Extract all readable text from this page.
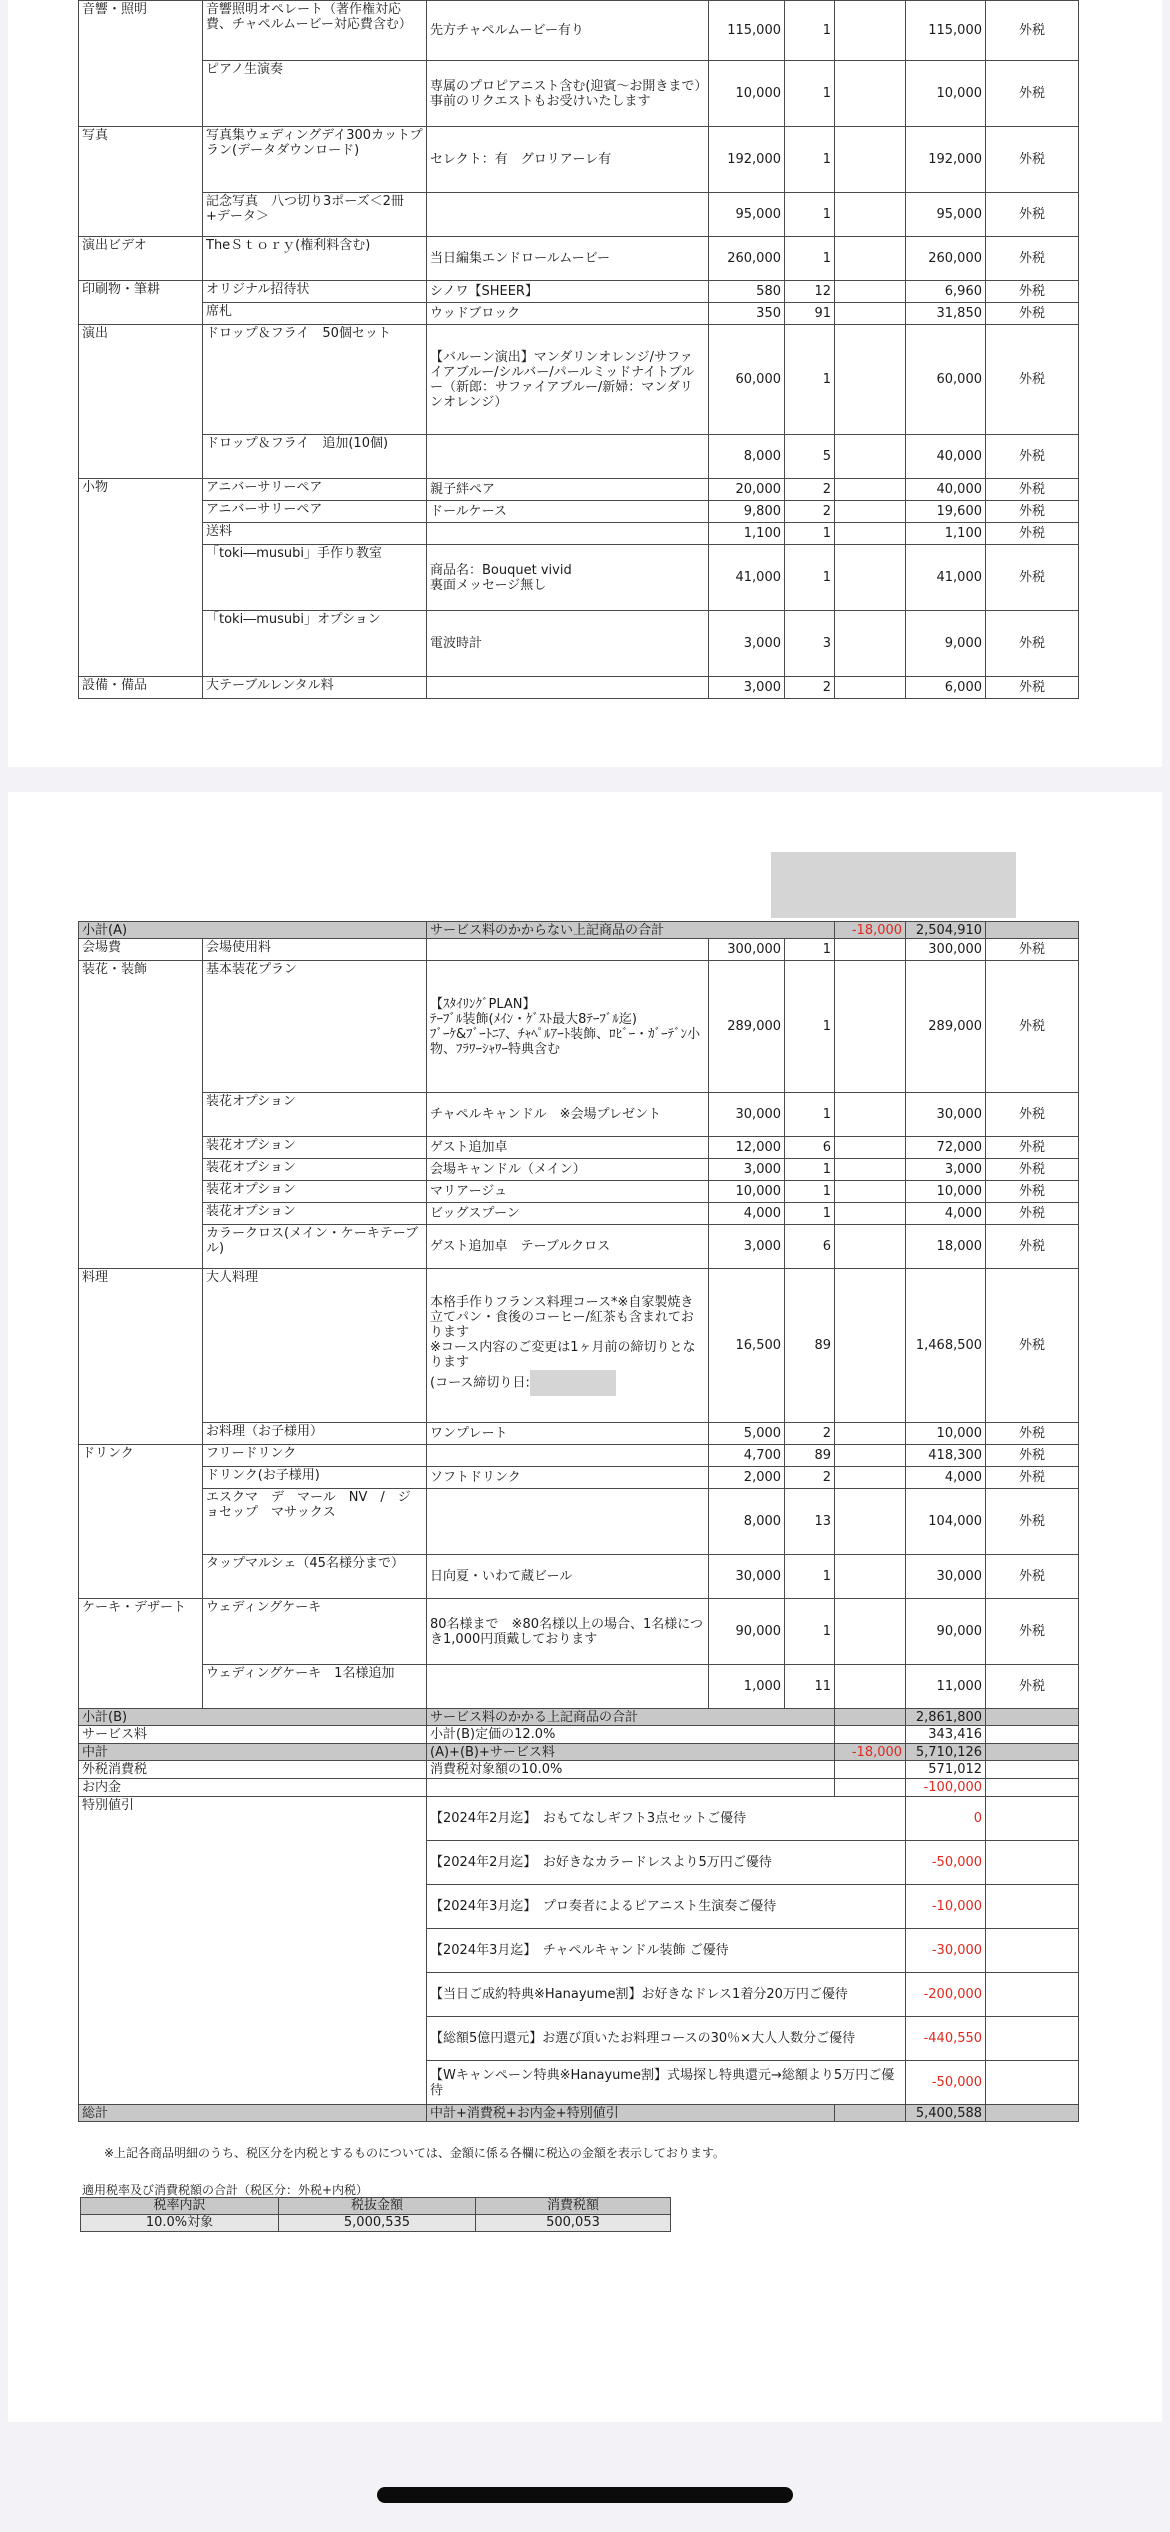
音響・照明	音響照明オペレート（著作権対応費、チャペルムービー対応費含む）	先方チャペルムービー有り	115,000	1		115,000	外税
	ピアノ生演奏	専属のプロピアニスト含む(迎賓～お開きまで）　事前のリクエストもお受けいたします	10,000	1		10,000	外税
写真	写真集ウェディングデイ300カットプラン(データダウンロード)	セレクト：有　グロリアーレ有	192,000	1		192,000	外税
	記念写真　八つ切り3ポーズ＜2冊+データ＞		95,000	1		95,000	外税
演出ビデオ	TheＳｔｏｒｙ(権利料含む)	当日編集エンドロールムービー	260,000	1		260,000	外税
印刷物・筆耕	オリジナル招待状	シノワ【SHEER】	580	12		6,960	外税
	席札	ウッドブロック	350	91		31,850	外税
演出	ドロップ＆フライ　50個セット	【バルーン演出】マンダリンオレンジ/サファイアブルー/シルバー/パールミッドナイトブルー（新郎：サファイアブルー/新婦：マンダリンオレンジ）	60,000	1		60,000	外税
	ドロップ＆フライ　追加(10個)		8,000	5		40,000	外税
小物	アニバーサリーペア	親子絆ペア	20,000	2		40,000	外税
	アニバーサリーペア	ドールケース	9,800	2		19,600	外税
	送料		1,100	1		1,100	外税
	「toki―musubi」手作り教室	商品名：Bouquet vivid
裏面メッセージ無し	41,000	1		41,000	外税
	「toki―musubi」オプション	電波時計	3,000	3		9,000	外税
設備・備品	大テーブルレンタル料		3,000	2		6,000	外税
小計(A)		サービス料のかからない上記商品の合計			-18,000	2,504,910	
会場費	会場使用料		300,000	1		300,000	外税
装花・装飾	基本装花プラン	【ｽﾀｲﾘﾝｸﾞPLAN】
ﾃｰﾌﾞﾙ装飾(ﾒｲﾝ・ｹﾞｽﾄ最大8ﾃｰﾌﾞﾙ迄)
ﾌﾞｰｹ&ﾌﾞｰﾄﾆｱ、ﾁｬﾍﾟﾙｱｰﾄ装飾、ﾛﾋﾞｰ・ｶﾞｰﾃﾞﾝ小物、ﾌﾗﾜｰｼｬﾜｰ特典含む	289,000	1		289,000	外税
	装花オプション	チャペルキャンドル　※会場プレゼント	30,000	1		30,000	外税
	装花オプション	ゲスト追加卓	12,000	6		72,000	外税
	装花オプション	会場キャンドル（メイン）	3,000	1		3,000	外税
	装花オプション	マリアージュ	10,000	1		10,000	外税
	装花オプション	ビッグスプーン	4,000	1		4,000	外税
	カラークロス(メイン・ケーキテーブル)	ゲスト追加卓　テーブルクロス	3,000	6		18,000	外税
料理	大人料理	本格手作りフランス料理コース*※自家製焼き立てパン・食後のコーヒー/紅茶も含まれております
※コース内容のご変更は1ヶ月前の締切りとなります
(コース締切り日:	16,500	89		1,468,500	外税
	お料理（お子様用）	ワンプレート	5,000	2		10,000	外税
ドリンク	フリードリンク		4,700	89		418,300	外税
	ドリンク(お子様用)	ソフトドリンク	2,000	2		4,000	外税
	エスクマ　デ　マール　NV　/　ジョセップ　マサックス		8,000	13		104,000	外税
	タップマルシェ（45名様分まで）	日向夏・いわて蔵ビール	30,000	1		30,000	外税
ケーキ・デザート	ウェディングケーキ	80名様まで　※80名様以上の場合、1名様につき1,000円頂戴しております	90,000	1		90,000	外税
	ウェディングケーキ　1名様追加		1,000	11		11,000	外税
小計(B)		サービス料のかかる上記商品の合計				2,861,800	
サービス料		小計(B)定価の12.0%				343,416	
中計		(A)+(B)+サービス料			-18,000	5,710,126	
外税消費税		消費税対象額の10.0%				571,012	
お内金						-100,000	
特別値引		【2024年2月迄】　おもてなしギフト3点セットご優待				0	
		【2024年2月迄】　お好きなカラードレスより5万円ご優待				-50,000	
		【2024年3月迄】　プロ奏者によるピアニスト生演奏ご優待				-10,000	
		【2024年3月迄】　チャペルキャンドル装飾 ご優待				-30,000	
		【当日ご成約特典※Hanayume割】お好きなドレス1着分20万円ご優待				-200,000	
		【総額5億円還元】お選び頂いたお料理コースの30％×大人人数分ご優待				-440,550	
		【Wキャンペーン特典※Hanayume割】式場探し特典還元→総額より5万円ご優待				-50,000	
総計		中計+消費税+お内金+特別値引				5,400,588	
※上記各商品明細のうち、税区分を内税とするものについては、金額に係る各欄に税込の金額を表示しております。
適用税率及び消費税額の合計（税区分：外税+内税）
税率内訳	税抜金額	消費税額
10.0%対象	5,000,535	500,053
